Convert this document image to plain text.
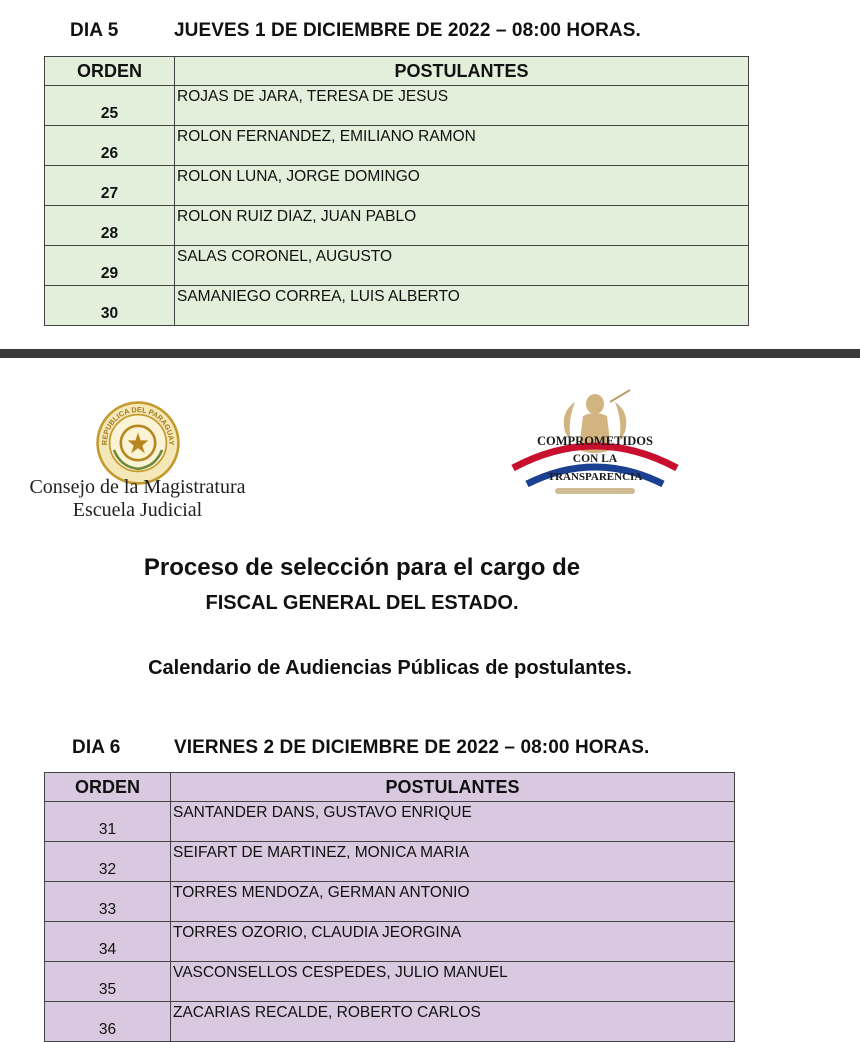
DIA 5	JUEVES 1 DE DICIEMBRE DE 2022 – 08:00 HORAS.
ORDEN	POSTULANTES
25	ROJAS DE JARA, TERESA DE JESUS
26	ROLON FERNANDEZ, EMILIANO RAMON
27	ROLON LUNA, JORGE DOMINGO
28	ROLON RUIZ DIAZ, JUAN PABLO
29	SALAS CORONEL, AUGUSTO
30	SAMANIEGO CORREA, LUIS ALBERTO
REPUBLICA DEL PARAGUAY
Consejo de la Magistratura
Escuela Judicial
COMPROMETIDOS
CON LA
TRANSPARENCIA
Proceso de selección para el cargo de
FISCAL GENERAL DEL ESTADO.
Calendario de Audiencias Públicas de postulantes.
DIA 6	VIERNES 2 DE DICIEMBRE DE 2022 – 08:00 HORAS.
ORDEN	POSTULANTES
31	SANTANDER DANS, GUSTAVO ENRIQUE
32	SEIFART DE MARTINEZ, MONICA MARIA
33	TORRES MENDOZA, GERMAN ANTONIO
34	TORRES OZORIO, CLAUDIA JEORGINA
35	VASCONSELLOS CESPEDES, JULIO MANUEL
36	ZACARIAS RECALDE, ROBERTO CARLOS
